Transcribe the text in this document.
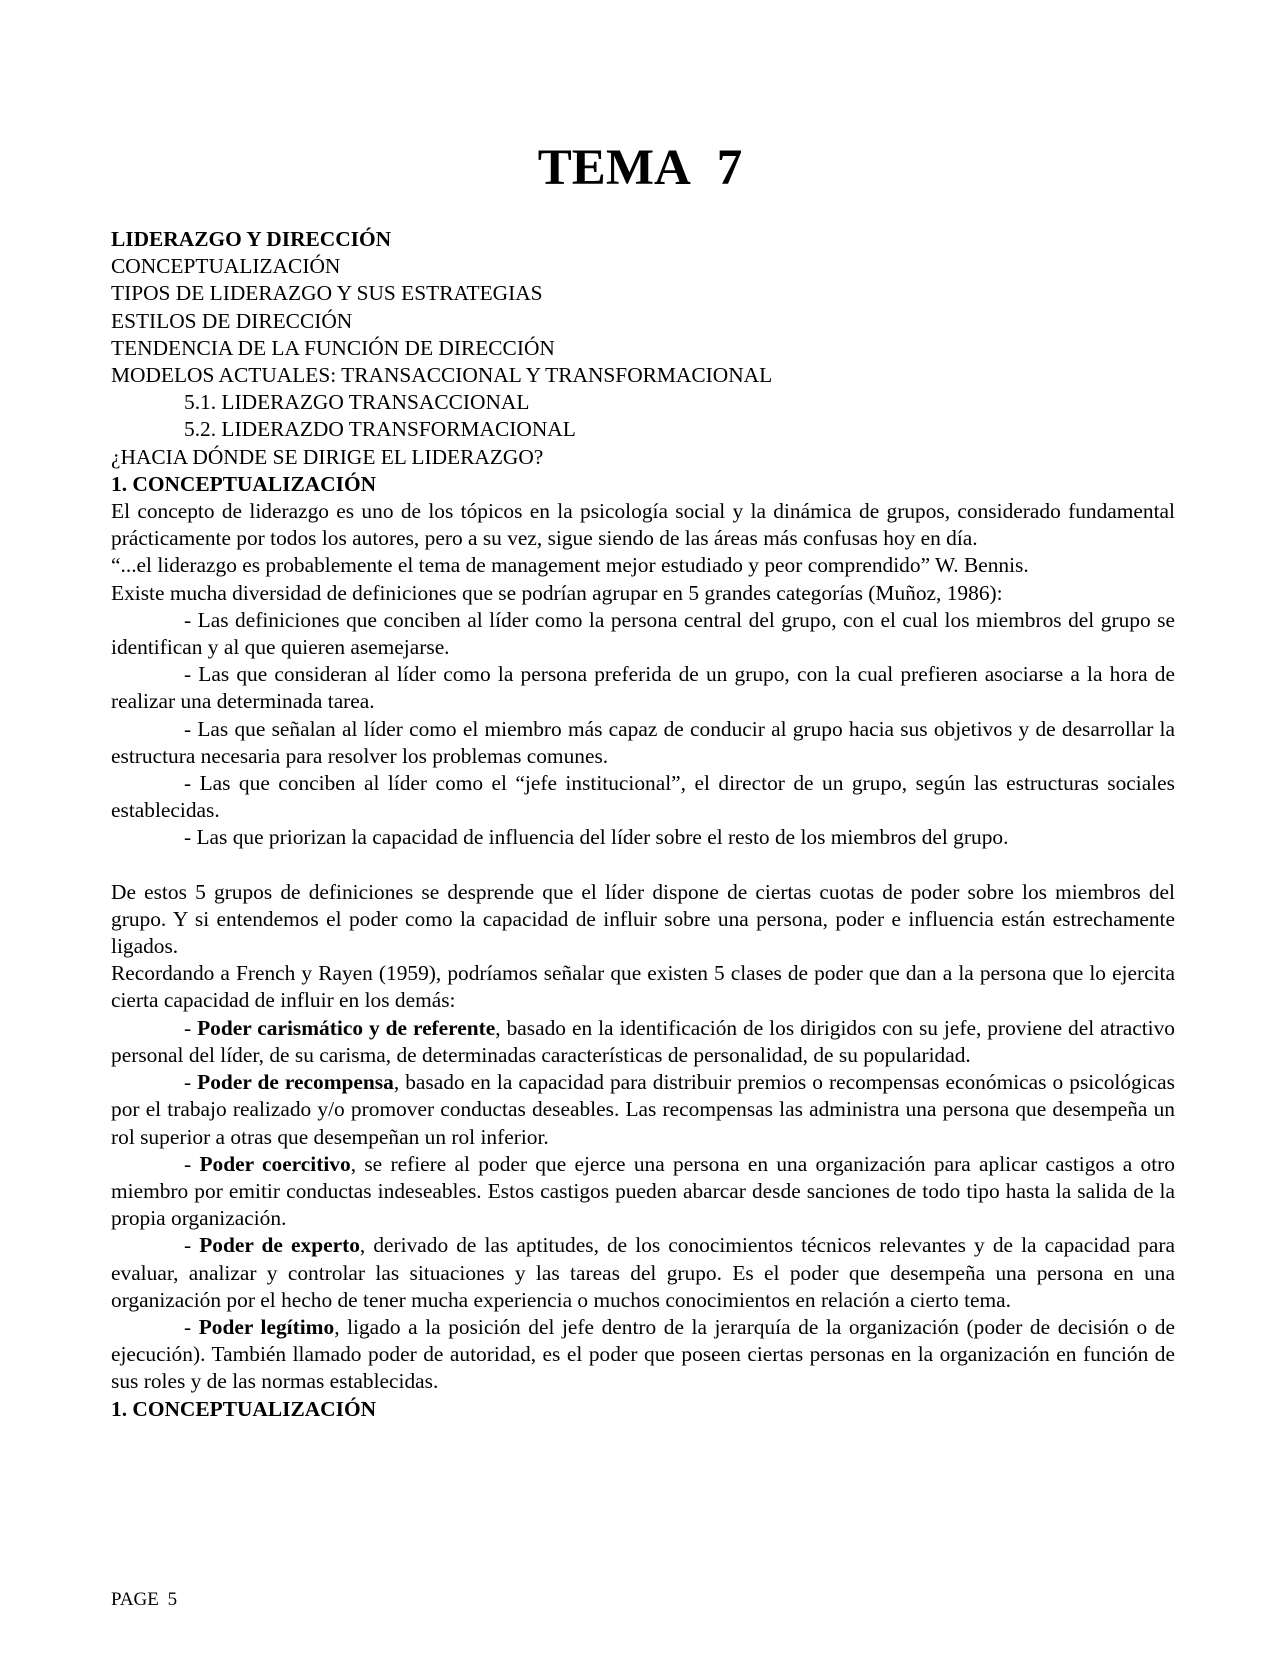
TEMA 7

LIDERAZGO Y DIRECCIÓN

CONCEPTUALIZACIÓN

TIPOS DE LIDERAZGO Y SUS ESTRATEGIAS

ESTILOS DE DIRECCIÓN

TENDENCIA DE LA FUNCIÓN DE DIRECCIÓN

MODELOS ACTUALES: TRANSACCIONAL Y TRANSFORMACIONAL

5.1. LIDERAZGO TRANSACCIONAL

5.2. LIDERAZDO TRANSFORMACIONAL

¿HACIA DÓNDE SE DIRIGE EL LIDERAZGO?

1. CONCEPTUALIZACIÓN

El concepto de liderazgo es uno de los tópicos en la psicología social y la dinámica de grupos, considerado fundamental prácticamente por todos los autores, pero a su vez, sigue siendo de las áreas más confusas hoy en día.

“...el liderazgo es probablemente el tema de management mejor estudiado y peor comprendido” W. Bennis.

Existe mucha diversidad de definiciones que se podrían agrupar en 5 grandes categorías (Muñoz, 1986):

- Las definiciones que conciben al líder como la persona central del grupo, con el cual los miembros del grupo se identifican y al que quieren asemejarse.

- Las que consideran al líder como la persona preferida de un grupo, con la cual prefieren asociarse a la hora de realizar una determinada tarea.

- Las que señalan al líder como el miembro más capaz de conducir al grupo hacia sus objetivos y de desarrollar la estructura necesaria para resolver los problemas comunes.

- Las que conciben al líder como el “jefe institucional”, el director de un grupo, según las estructuras sociales establecidas.

- Las que priorizan la capacidad de influencia del líder sobre el resto de los miembros del grupo.

De estos 5 grupos de definiciones se desprende que el líder dispone de ciertas cuotas de poder sobre los miembros del grupo. Y si entendemos el poder como la capacidad de influir sobre una persona, poder e influencia están estrechamente ligados.

Recordando a French y Rayen (1959), podríamos señalar que existen 5 clases de poder que dan a la persona que lo ejercita cierta capacidad de influir en los demás:

- Poder carismático y de referente, basado en la identificación de los dirigidos con su jefe, proviene del atractivo personal del líder, de su carisma, de determinadas características de personalidad, de su popularidad.

- Poder de recompensa, basado en la capacidad para distribuir premios o recompensas económicas o psicológicas por el trabajo realizado y/o promover conductas deseables. Las recompensas las administra una persona que desempeña un rol superior a otras que desempeñan un rol inferior.

- Poder coercitivo, se refiere al poder que ejerce una persona en una organización para aplicar castigos a otro miembro por emitir conductas indeseables. Estos castigos pueden abarcar desde sanciones de todo tipo hasta la salida de la propia organización.

- Poder de experto, derivado de las aptitudes, de los conocimientos técnicos relevantes y de la capacidad para evaluar, analizar y controlar las situaciones y las tareas del grupo. Es el poder que desempeña una persona en una organización por el hecho de tener mucha experiencia o muchos conocimientos en relación a cierto tema.

- Poder legítimo, ligado a la posición del jefe dentro de la jerarquía de la organización (poder de decisión o de ejecución). También llamado poder de autoridad, es el poder que poseen ciertas personas en la organización en función de sus roles y de las normas establecidas.

1. CONCEPTUALIZACIÓN

PAGE 5
